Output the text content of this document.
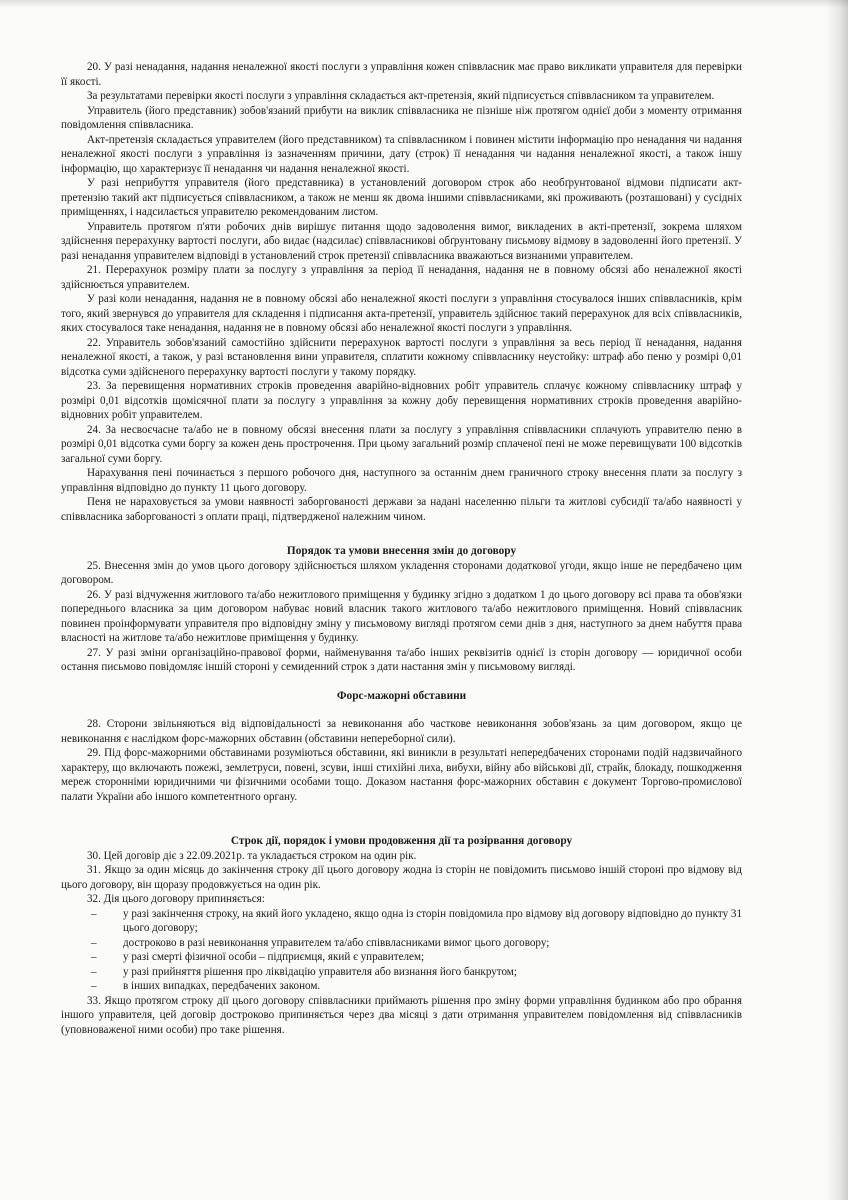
20. У разі ненадання, надання неналежної якості послуги з управління кожен співвласник має право викликати управителя для перевірки її якості.

За результатами перевірки якості послуги з управління складається акт-претензія, який підписується співвласником та управителем.

Управитель (його представник) зобов'язаний прибути на виклик співвласника не пізніше ніж протягом однієї доби з моменту отримання повідомлення співвласника.

Акт-претензія складається управителем (його представником) та співвласником і повинен містити інформацію про ненадання чи надання неналежної якості послуги з управління із зазначенням причини, дату (строк) її ненадання чи надання неналежної якості, а також іншу інформацію, що характеризує її ненадання чи надання неналежної якості.

У разі неприбуття управителя (його представника) в установлений договором строк або необґрунтованої відмови підписати акт-претензію такий акт підписується співвласником, а також не менш як двома іншими співвласниками, які проживають (розташовані) у сусідніх приміщеннях, і надсилається управителю рекомендованим листом.

Управитель протягом п'яти робочих днів вирішує питання щодо задоволення вимог, викладених в акті-претензії, зокрема шляхом здійснення перерахунку вартості послуги, або видає (надсилає) співвласникові обґрунтовану письмову відмову в задоволенні його претензії. У разі ненадання управителем відповіді в установлений строк претензії співвласника вважаються визнаними управителем.

21. Перерахунок розміру плати за послугу з управління за період її ненадання, надання не в повному обсязі або неналежної якості здійснюється управителем.

У разі коли ненадання, надання не в повному обсязі або неналежної якості послуги з управління стосувалося інших співвласників, крім того, який звернувся до управителя для складення і підписання акта-претензії, управитель здійснює такий перерахунок для всіх співвласників, яких стосувалося таке ненадання, надання не в повному обсязі або неналежної якості послуги з управління.

22. Управитель зобов'язаний самостійно здійснити перерахунок вартості послуги з управління за весь період її ненадання, надання неналежної якості, а також, у разі встановлення вини управителя, сплатити кожному співвласнику неустойку: штраф або пеню у розмірі 0,01 відсотка суми здійсненого перерахунку вартості послуги у такому порядку.

23. За перевищення нормативних строків проведення аварійно-відновних робіт управитель сплачує кожному співвласнику штраф у розмірі 0,01 відсотків щомісячної плати за послугу з управління за кожну добу перевищення нормативних строків проведення аварійно-відновних робіт управителем.

24. За несвоєчасне та/або не в повному обсязі внесення плати за послугу з управління співвласники сплачують управителю пеню в розмірі 0,01 відсотка суми боргу за кожен день прострочення. При цьому загальний розмір сплаченої пені не може перевищувати 100 відсотків загальної суми боргу.

Нарахування пені починається з першого робочого дня, наступного за останнім днем граничного строку внесення плати за послугу з управління відповідно до пункту 11 цього договору.

Пеня не нараховується за умови наявності заборгованості держави за надані населенню пільги та житлові субсидії та/або наявності у співвласника заборгованості з оплати праці, підтвердженої належним чином.

Порядок та умови внесення змін до договору

25. Внесення змін до умов цього договору здійснюється шляхом укладення сторонами додаткової угоди, якщо інше не передбачено цим договором.

26. У разі відчуження житлового та/або нежитлового приміщення у будинку згідно з додатком 1 до цього договору всі права та обов'язки попереднього власника за цим договором набуває новий власник такого житлового та/або нежитлового приміщення. Новий співвласник повинен проінформувати управителя про відповідну зміну у письмовому вигляді протягом семи днів з дня, наступного за днем набуття права власності на житлове та/або нежитлове приміщення у будинку.

27. У разі зміни організаційно-правової форми, найменування та/або інших реквізитів однієї із сторін договору — юридичної особи остання письмово повідомляє іншій стороні у семиденний строк з дати настання змін у письмовому вигляді.

Форс-мажорні обставини

28. Сторони звільняються від відповідальності за невиконання або часткове невиконання зобов'язань за цим договором, якщо це невиконання є наслідком форс-мажорних обставин (обставини непереборної сили).

29. Під форс-мажорними обставинами розуміються обставини, які виникли в результаті непередбачених сторонами подій надзвичайного характеру, що включають пожежі, землетруси, повені, зсуви, інші стихійні лиха, вибухи, війну або військові дії, страйк, блокаду, пошкодження мереж сторонніми юридичними чи фізичними особами тощо. Доказом настання форс-мажорних обставин є документ Торгово-промислової палати України або іншого компетентного органу.

Строк дії, порядок і умови продовження дії та розірвання договору

30. Цей договір діє з 22.09.2021р. та укладається строком на один рік.

31. Якщо за один місяць до закінчення строку дії цього договору жодна із сторін не повідомить письмово іншій стороні про відмову від цього договору, він щоразу продовжується на один рік.

32. Дія цього договору припиняється:

– у разі закінчення строку, на який його укладено, якщо одна із сторін повідомила про відмову від договору відповідно до пункту 31 цього договору;
– достроково в разі невиконання управителем та/або співвласниками вимог цього договору;
– у разі смерті фізичної особи – підприємця, який є управителем;
– у разі прийняття рішення про ліквідацію управителя або визнання його банкрутом;
– в інших випадках, передбачених законом.

33. Якщо протягом строку дії цього договору співвласники приймають рішення про зміну форми управління будинком або про обрання іншого управителя, цей договір достроково припиняється через два місяці з дати отримання управителем повідомлення від співвласників (уповноваженої ними особи) про таке рішення.
